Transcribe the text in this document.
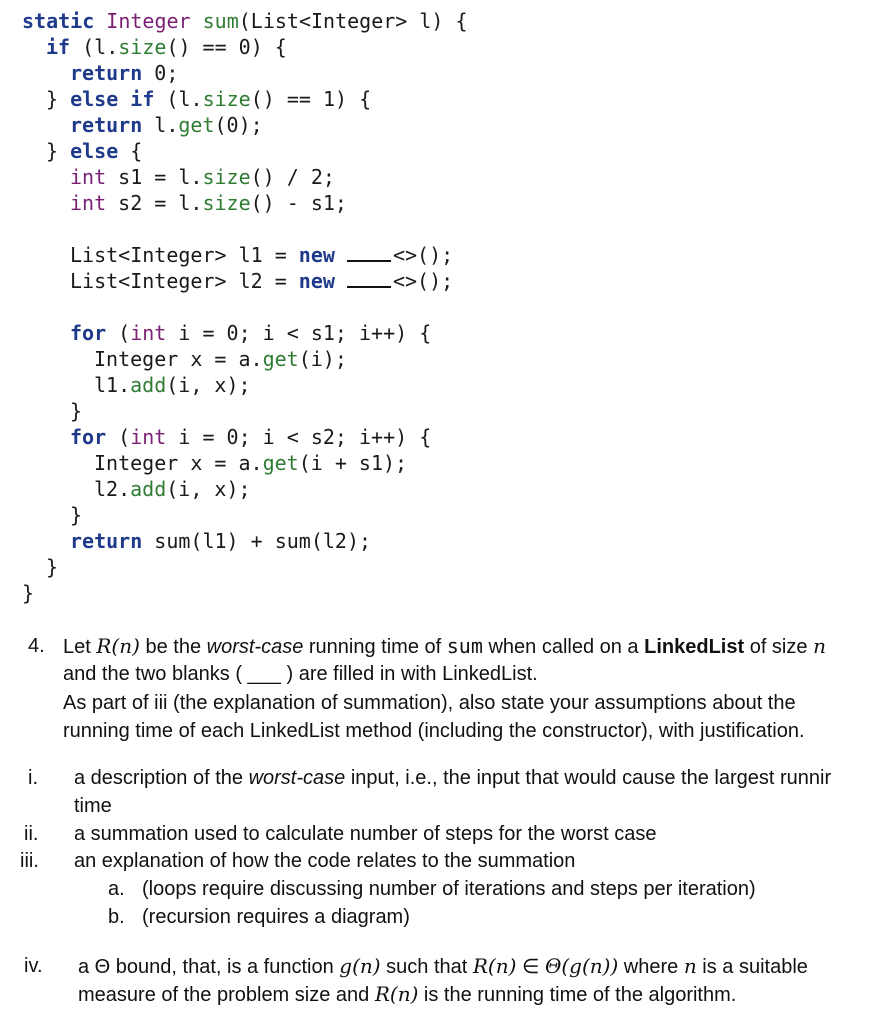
static Integer sum(List<Integer> l) {
if (l.size() == 0) {
return 0;
} else if (l.size() == 1) {
return l.get(0);
} else {
int s1 = l.size() / 2;
int s2 = l.size() - s1;
List<Integer> l1 = new	<>();
List<Integer> l2 = new	<>();
for (int i = 0; i < s1; i++) {
Integer x = a.get(i);
l1.add(i, x);
}
for (int i = 0; i < s2; i++) {
Integer x = a.get(i + s1);
l2.add(i, x);
}
return sum(l1) + sum(l2);
}
}
4. Let R(n) be the worst-case running time of sum when called on a LinkedList of size n
and the two blanks ( ___ ) are filled in with LinkedList.
As part of iii (the explanation of summation), also state your assumptions about the
running time of each LinkedList method (including the constructor), with justification.
i. a description of the worst-case input, i.e., the input that would cause the largest runnir
time
ii. a summation used to calculate number of steps for the worst case
iii. an explanation of how the code relates to the summation
a. (loops require discussing number of iterations and steps per iteration)
b. (recursion requires a diagram)
iv. a Θ bound, that, is a function g(n) such that R(n) ∈ Θ(g(n)) where n is a suitable
measure of the problem size and R(n) is the running time of the algorithm.
